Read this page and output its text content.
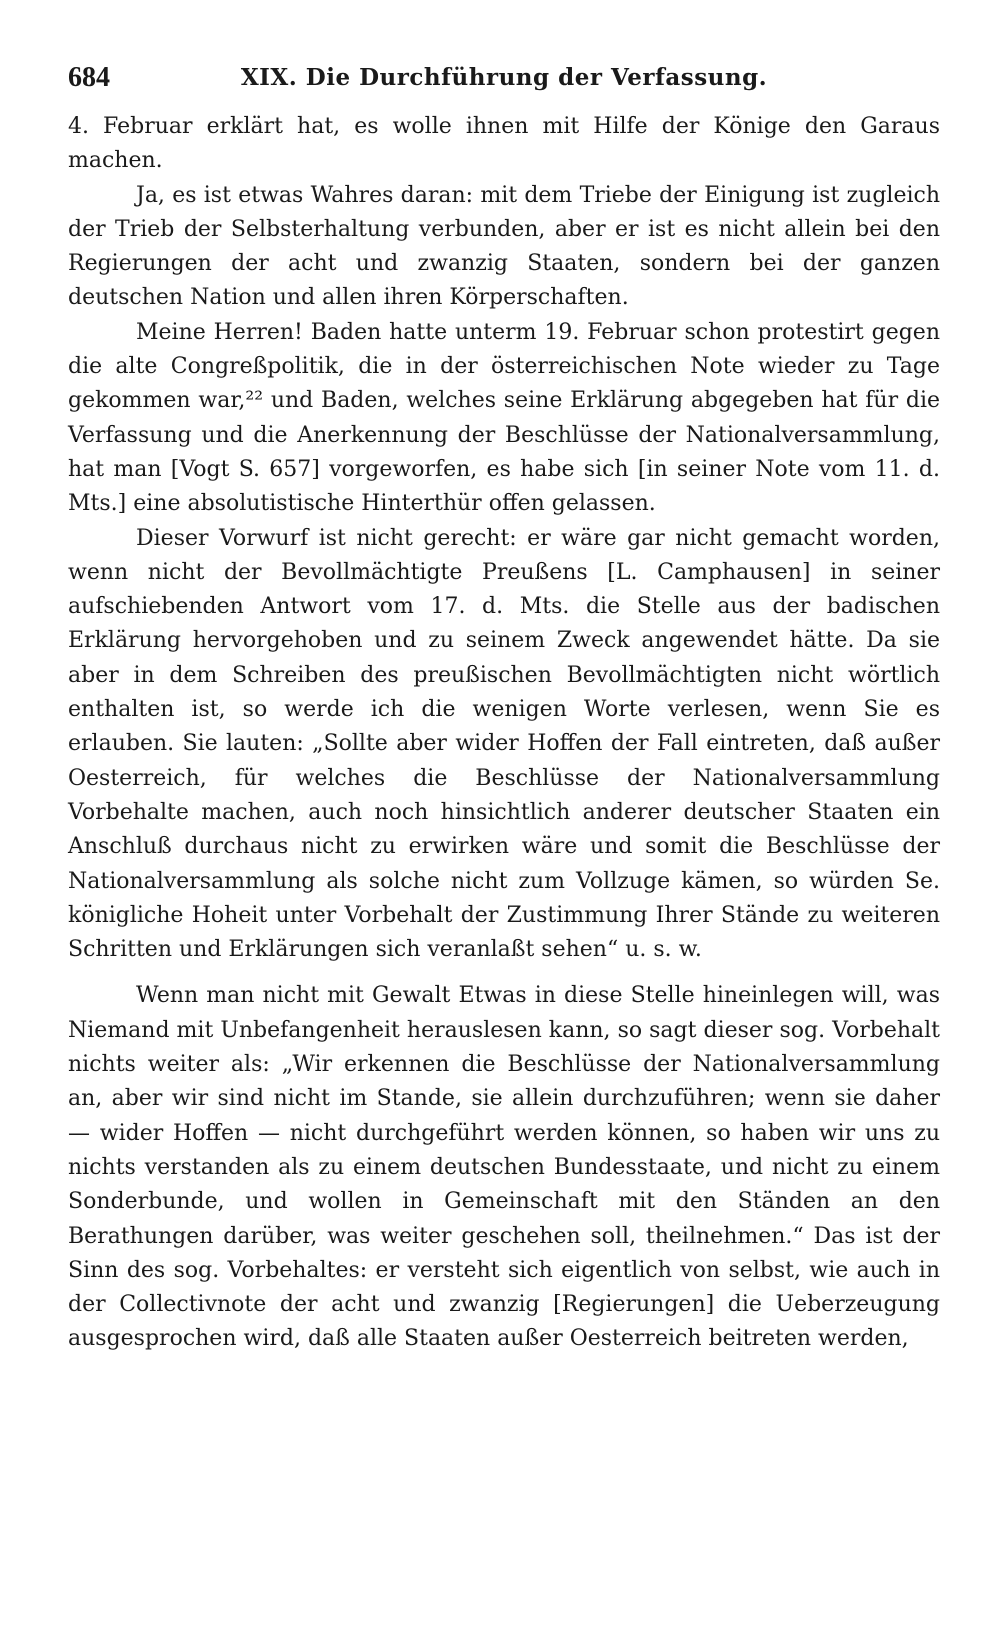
684	XIX. Die Durchführung der Verfassung.

4. Februar erklärt hat, es wolle ihnen mit Hilfe der Könige den Garaus machen.

Ja, es ist etwas Wahres daran: mit dem Triebe der Einigung ist zugleich der Trieb der Selbsterhaltung verbunden, aber er ist es nicht allein bei den Regierungen der acht und zwanzig Staaten, sondern bei der ganzen deutschen Nation und allen ihren Körperschaften.

Meine Herren! Baden hatte unterm 19. Februar schon protestirt gegen die alte Congreßpolitik, die in der österreichischen Note wieder zu Tage gekommen war,²² und Baden, welches seine Erklärung abgegeben hat für die Verfassung und die Anerkennung der Beschlüsse der Nationalversammlung, hat man [Vogt S. 657] vorgeworfen, es habe sich [in seiner Note vom 11. d. Mts.] eine absolutistische Hinterthür offen gelassen.

Dieser Vorwurf ist nicht gerecht: er wäre gar nicht gemacht worden, wenn nicht der Bevollmächtigte Preußens [L. Camphausen] in seiner aufschiebenden Antwort vom 17. d. Mts. die Stelle aus der badischen Erklärung hervorgehoben und zu seinem Zweck angewendet hätte. Da sie aber in dem Schreiben des preußischen Bevollmächtigten nicht wörtlich enthalten ist, so werde ich die wenigen Worte verlesen, wenn Sie es erlauben. Sie lauten: „Sollte aber wider Hoffen der Fall eintreten, daß außer Oesterreich, für welches die Beschlüsse der Nationalversammlung Vorbehalte machen, auch noch hinsichtlich anderer deutscher Staaten ein Anschluß durchaus nicht zu erwirken wäre und somit die Beschlüsse der Nationalversammlung als solche nicht zum Vollzuge kämen, so würden Se. königliche Hoheit unter Vorbehalt der Zustimmung Ihrer Stände zu weiteren Schritten und Erklärungen sich veranlaßt sehen“ u. s. w.

Wenn man nicht mit Gewalt Etwas in diese Stelle hineinlegen will, was Niemand mit Unbefangenheit herauslesen kann, so sagt dieser sog. Vorbehalt nichts weiter als: „Wir erkennen die Beschlüsse der Nationalversammlung an, aber wir sind nicht im Stande, sie allein durchzuführen; wenn sie daher — wider Hoffen — nicht durchgeführt werden können, so haben wir uns zu nichts verstanden als zu einem deutschen Bundesstaate, und nicht zu einem Sonderbunde, und wollen in Gemeinschaft mit den Ständen an den Berathungen darüber, was weiter geschehen soll, theilnehmen.“ Das ist der Sinn des sog. Vorbehaltes: er versteht sich eigentlich von selbst, wie auch in der Collectivnote der acht und zwanzig [Regierungen] die Ueberzeugung ausgesprochen wird, daß alle Staaten außer Oesterreich beitreten werden,
